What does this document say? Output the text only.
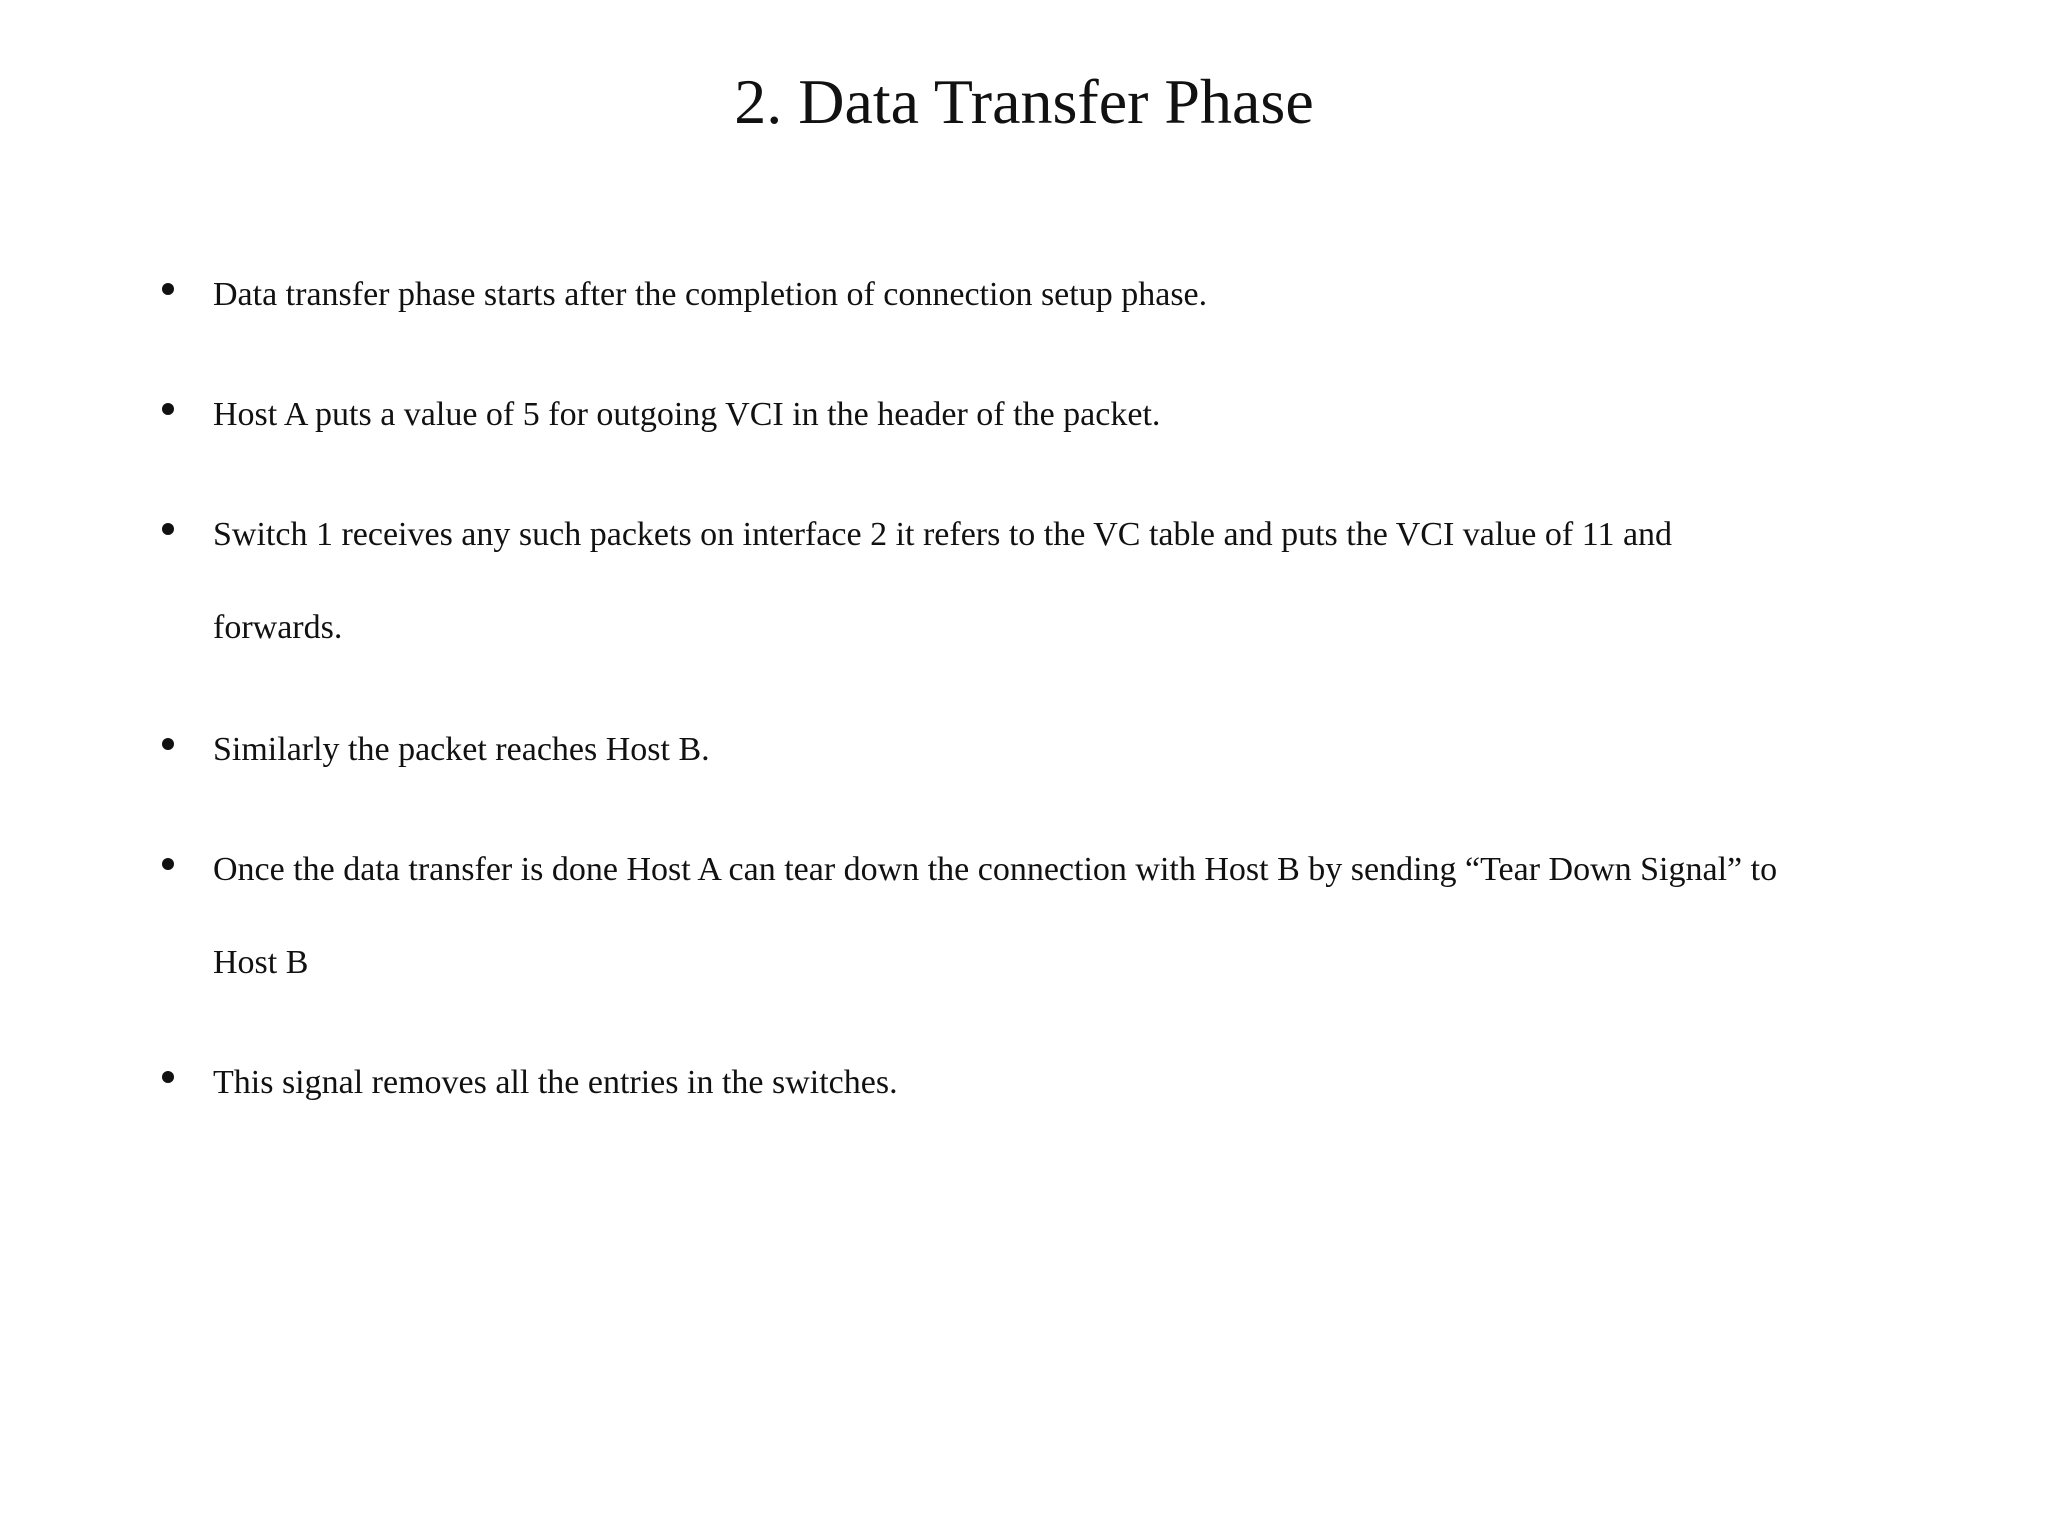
2. Data Transfer Phase
Data transfer phase starts after the completion of connection setup phase.
Host A puts a value of 5 for outgoing VCI in the header of the packet.
Switch 1 receives any such packets on interface 2 it refers to the VC table and puts the VCI value of 11 and
forwards.
Similarly the packet reaches Host B.
Once the data transfer is done Host A can tear down the connection with Host B by sending “Tear Down Signal” to
Host B
This signal removes all the entries in the switches.
